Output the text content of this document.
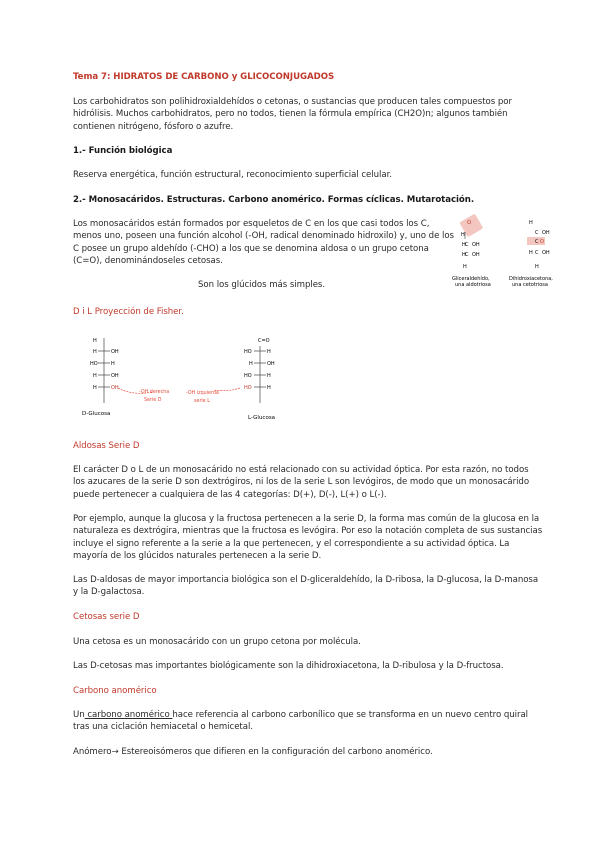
Tema 7: HIDRATOS DE CARBONO y GLICOCONJUGADOS
Los carbohidratos son polihidroxialdehídos o cetonas, o sustancias que producen tales compuestos por
hidrólisis. Muchos carbohidratos, pero no todos, tienen la fórmula empírica (CH2O)n; algunos también
contienen nitrógeno, fósforo o azufre.
1.- Función biológica
Reserva energética, función estructural, reconocimiento superficial celular.
2.- Monosacáridos. Estructuras. Carbono anomérico. Formas cíclicas. Mutarotación.
Los monosacáridos están formados por esqueletos de C en los que casi todos los C,
menos uno, poseen una función alcohol (-OH, radical denominado hidroxilo) y, uno de los
C posee un grupo aldehído (-CHO) a los que se denomina aldosa o un grupo cetona
(C=O), denominándoseles cetosas.
Son los glúcidos más simples.
O
H
H C OH
H C OH
H
Gliceraldehído,
una aldotriosa
H
C OH
C O
H C OH
H
Dihidroxiacetona,
una cetotriosa
D i L Proyección de Fisher.
H
H	OH
HO	H
H	OH
H	OH
D-Glucosa
-OH derecha
Serie D
C=O
HO	H
H	OH
HO	H
HO	H
L-Glucosa
-OH izquierda
serie L
Aldosas Serie D
El carácter D o L de un monosacárido no está relacionado con su actividad óptica. Por esta razón, no todos
los azucares de la serie D son dextrógiros, ni los de la serie L son levógiros, de modo que un monosacárido
puede pertenecer a cualquiera de las 4 categorías: D(+), D(-), L(+) o L(-).
Por ejemplo, aunque la glucosa y la fructosa pertenecen a la serie D, la forma mas común de la glucosa en la
naturaleza es dextrógira, mientras que la fructosa es levógira. Por eso la notación completa de sus sustancias
incluye el signo referente a la serie a la que pertenecen, y el correspondiente a su actividad óptica. La
mayoría de los glúcidos naturales pertenecen a la serie D.
Las D-aldosas de mayor importancia biológica son el D-gliceraldehído, la D-ribosa, la D-glucosa, la D-manosa
y la D-galactosa.
Cetosas serie D
Una cetosa es un monosacárido con un grupo cetona por molécula.
Las D-cetosas mas importantes biológicamente son la dihidroxiacetona, la D-ribulosa y la D-fructosa.
Carbono anomérico
Un carbono anomérico hace referencia al carbono carbonílico que se transforma en un nuevo centro quiral
tras una ciclación hemiacetal o hemicetal.
Anómero→ Estereoisómeros que difieren en la configuración del carbono anomérico.
